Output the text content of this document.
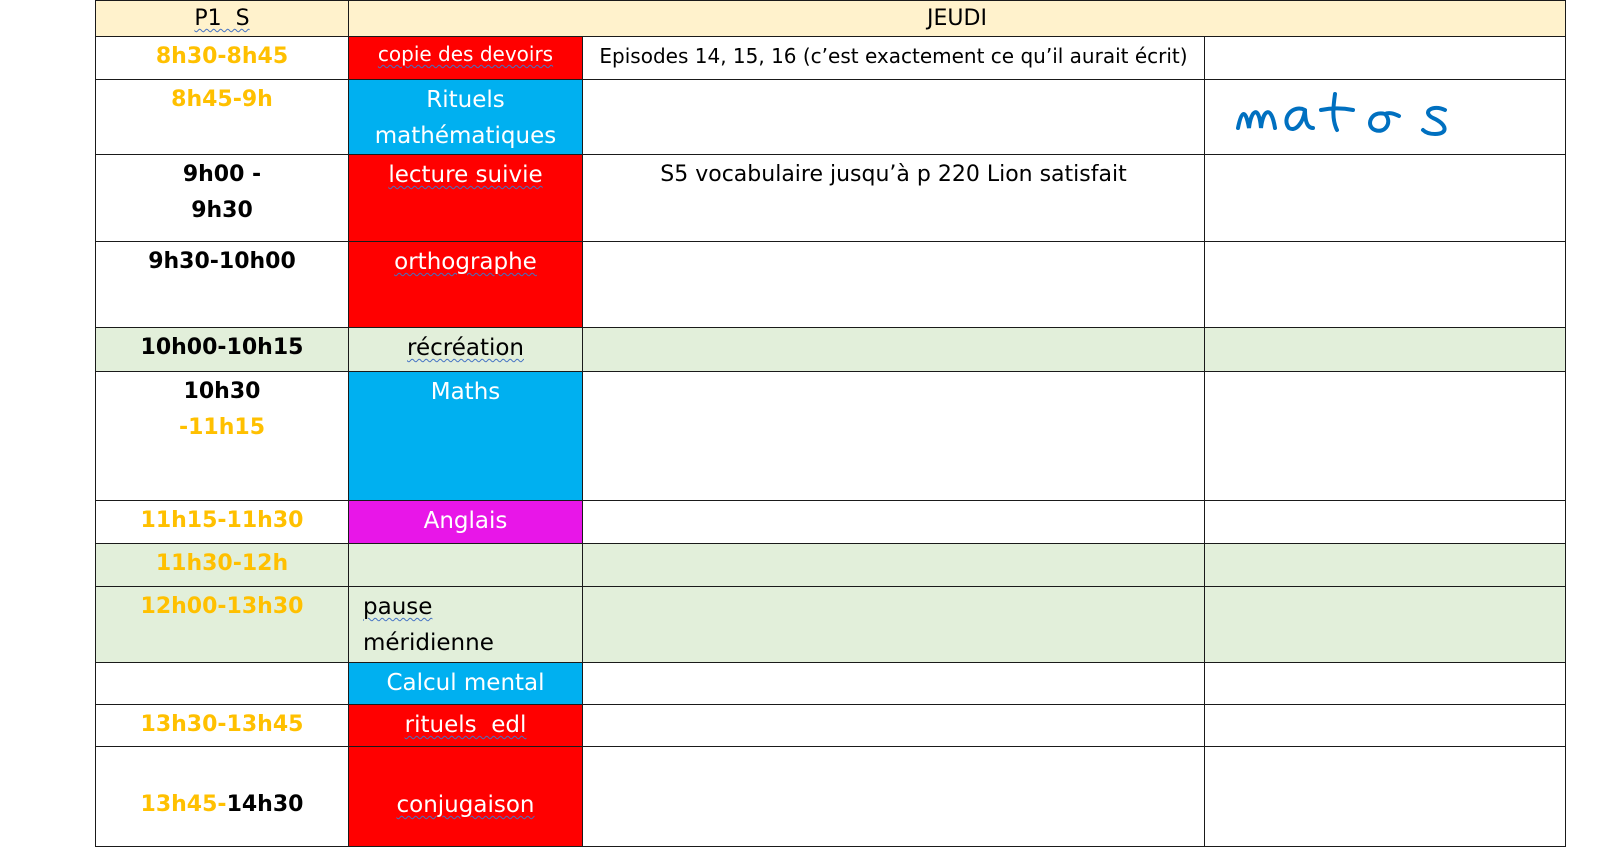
P1  S	JEUDI		
8h30-8h45	copie des devoirs	Episodes 14, 15, 16 (c’est exactement ce qu’il aurait écrit)	
8h45-9h	Rituels
mathématiques

9h00 -
9h30	lecture suivie	S5 vocabulaire jusqu’à p 220 Lion satisfait	
9h30-10h00	orthographe		
10h00-10h15	récréation		

10h30
-11h15	Maths		
11h15-11h30	Anglais		
11h30-12h			
12h00-13h30	pause
méridienne		

	Calcul mental		
13h30-13h45	rituels  edl		
13h45-14h30	conjugaison		
